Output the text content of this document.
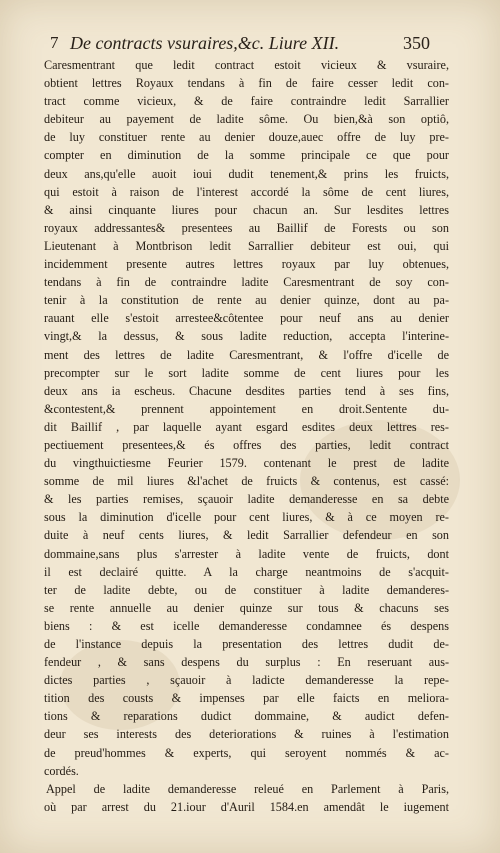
7 De contracts vsuraires,&c. Liure XII.	350
Caresmentrant que ledit contract estoit vicieux & vsuraire,
obtient lettres Royaux tendans à fin de faire cesser ledit con-
tract comme vicieux, & de faire contraindre ledit Sarrallier
debiteur au payement de ladite sôme. Ou bien,&à son optiô,
de luy constituer rente au denier douze,auec offre de luy pre-
compter en diminution de la somme principale ce que pour
deux ans,qu'elle auoit ioui dudit tenement,& prins les fruicts,
qui estoit à raison de l'interest accordé la sôme de cent liures,
& ainsi cinquante liures pour chacun an. Sur lesdites lettres
royaux addressantes& presentees au Baillif de Forests ou son
Lieutenant à Montbrison ledit Sarrallier debiteur est oui, qui
incidemment presente autres lettres royaux par luy obtenues,
tendans à fin de contraindre ladite Caresmentrant de soy con-
tenir à la constitution de rente au denier quinze, dont au pa-
rauant elle s'estoit arrestee&côtentee pour neuf ans au denier
vingt,& la dessus, & sous ladite reduction, accepta l'interine-
ment des lettres de ladite Caresmentrant, & l'offre d'icelle de
precompter sur le sort ladite somme de cent liures pour les
deux ans ia escheus. Chacune desdites parties tend à ses fins,
&contestent,& prennent appointement en droit.Sentente du-
dit Baillif , par laquelle ayant esgard esdites deux lettres res-
pectiuement presentees,& és offres des parties, ledit contract
du vingthuictiesme Feurier 1579. contenant le prest de ladite
somme de mil liures &l'achet de fruicts & contenus, est cassé:
& les parties remises, sçauoir ladite demanderesse en sa debte
sous la diminution d'icelle pour cent liures, & à ce moyen re-
duite à neuf cents liures, & ledit Sarrallier defendeur en son
dommaine,sans plus s'arrester à ladite vente de fruicts, dont
il est declairé quitte. A la charge neantmoins de s'acquit-
ter de ladite debte, ou de constituer à ladite demanderes-
se rente annuelle au denier quinze sur tous & chacuns ses
biens : & est icelle demanderesse condamnee és despens
de l'instance depuis la presentation des lettres dudit de-
fendeur , & sans despens du surplus : En reseruant aus-
dictes parties , sçauoir à ladicte demanderesse la repe-
tition des cousts & impenses par elle faicts en meliora-
tions & reparations dudict dommaine, & audict defen-
deur ses interests des deteriorations & ruines à l'estimation
de preud'hommes & experts, qui seroyent nommés & ac-
cordés.
Appel de ladite demanderesse releué en Parlement à Paris,
où par arrest du 21.iour d'Auril 1584.en amendât le iugement
